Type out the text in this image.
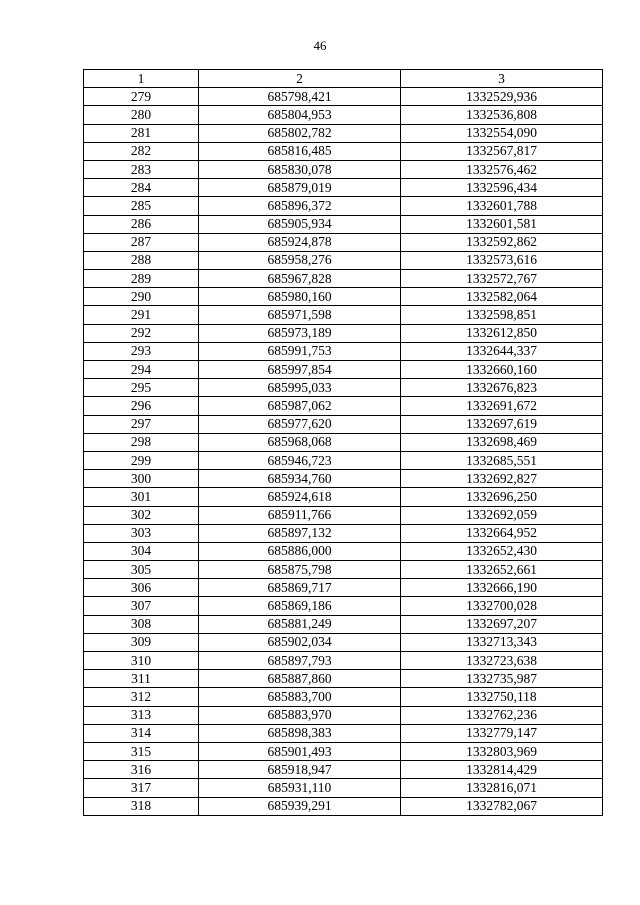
46
1	2	3
279	685798,421	1332529,936
280	685804,953	1332536,808
281	685802,782	1332554,090
282	685816,485	1332567,817
283	685830,078	1332576,462
284	685879,019	1332596,434
285	685896,372	1332601,788
286	685905,934	1332601,581
287	685924,878	1332592,862
288	685958,276	1332573,616
289	685967,828	1332572,767
290	685980,160	1332582,064
291	685971,598	1332598,851
292	685973,189	1332612,850
293	685991,753	1332644,337
294	685997,854	1332660,160
295	685995,033	1332676,823
296	685987,062	1332691,672
297	685977,620	1332697,619
298	685968,068	1332698,469
299	685946,723	1332685,551
300	685934,760	1332692,827
301	685924,618	1332696,250
302	685911,766	1332692,059
303	685897,132	1332664,952
304	685886,000	1332652,430
305	685875,798	1332652,661
306	685869,717	1332666,190
307	685869,186	1332700,028
308	685881,249	1332697,207
309	685902,034	1332713,343
310	685897,793	1332723,638
311	685887,860	1332735,987
312	685883,700	1332750,118
313	685883,970	1332762,236
314	685898,383	1332779,147
315	685901,493	1332803,969
316	685918,947	1332814,429
317	685931,110	1332816,071
318	685939,291	1332782,067
